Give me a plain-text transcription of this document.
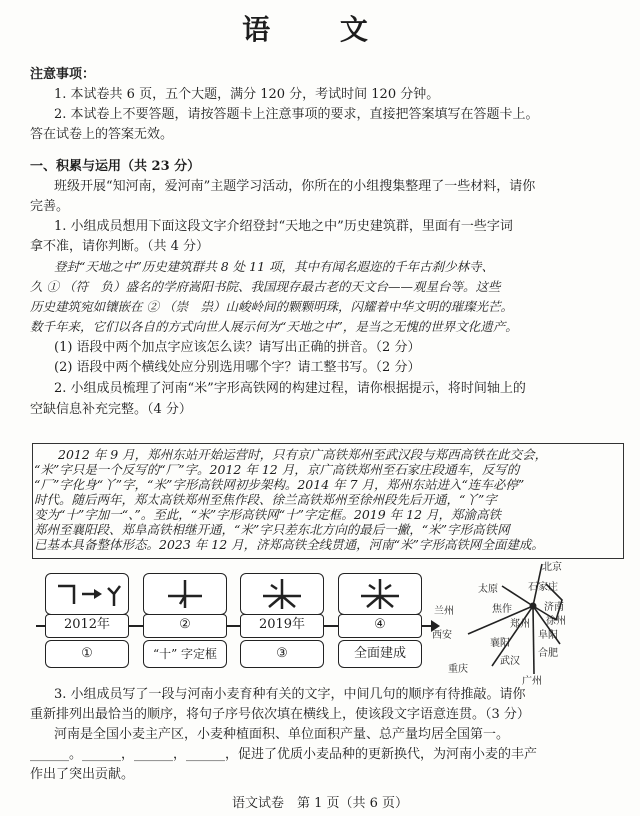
语 文
注意事项：
1. 本试卷共 6 页，五个大题，满分 120 分，考试时间 120 分钟。
2. 本试卷上不要答题，请按答题卡上注意事项的要求，直接把答案填写在答题卡上。
答在试卷上的答案无效。
一、积累与运用（共 23 分）
班级开展“知河南，爱河南”主题学习活动，你所在的小组搜集整理了一些材料，请你
完善。
1. 小组成员想用下面这段文字介绍登封“天地之中”历史建筑群，里面有一些字词
拿不准，请你判断。（共 4 分）
登封“天地之中”历史建筑群共 8 处 11 项，其中有闻名遐迩的千年古刹少林寺、
久 ① （符　负）盛名的学府嵩阳书院、我国现存最古老的天文台——观星台等。这些
历史建筑宛如镶嵌在 ② （崇　祟）山峻岭间的颗颗明珠，闪耀着中华文明的璀璨光芒。
数千年来，它们以各自的方式向世人展示何为“天地之中”，是当之无愧的世界文化遗产。
(1) 语段中两个加点字应该怎么读？请写出正确的拼音。（2 分）
(2) 语段中两个横线处应分别选用哪个字？请工整书写。（2 分）
2. 小组成员梳理了河南“米”字形高铁网的构建过程，请你根据提示，将时间轴上的
空缺信息补充完整。（4 分）
2012 年 9 月，郑州东站开始运营时，只有京广高铁郑州至武汉段与郑西高铁在此交会，
“米”字只是一个反写的“厂”字。2012 年 12 月，京广高铁郑州至石家庄段通车，反写的
“厂”字化身“丫”字，“米”字形高铁网初步架构。2014 年 7 月，郑州东站进入“连车必停”
时代。随后两年，郑太高铁郑州至焦作段、徐兰高铁郑州至徐州段先后开通，“丫”字
变为“十”字加一“、”。至此，“米”字形高铁网“十”字定框。2019 年 12 月，郑渝高铁
郑州至襄阳段、郑阜高铁相继开通，“米”字只差东北方向的最后一撇，“米”字形高铁网
已基本具备整体形态。2023 年 12 月，济郑高铁全线贯通，河南“米”字形高铁网全面建成。
2012年	②	2019年	④
①	“十” 字定框	③	全面建成
北京
太原	石家庄
济南
兰州	焦作
徐州
郑州
西安	阜阳
襄阳
合肥
重庆
武汉
广州
3. 小组成员写了一段与河南小麦育种有关的文字，中间几句的顺序有待推敲。请你
重新排列出最恰当的顺序，将句子序号依次填在横线上，使该段文字语意连贯。（3 分）
河南是全国小麦主产区，小麦种植面积、单位面积产量、总产量均居全国第一。
______。______，______，______，促进了优质小麦品种的更新换代，为河南小麦的丰产
作出了突出贡献。
语文试卷　第 1 页（共 6 页）
